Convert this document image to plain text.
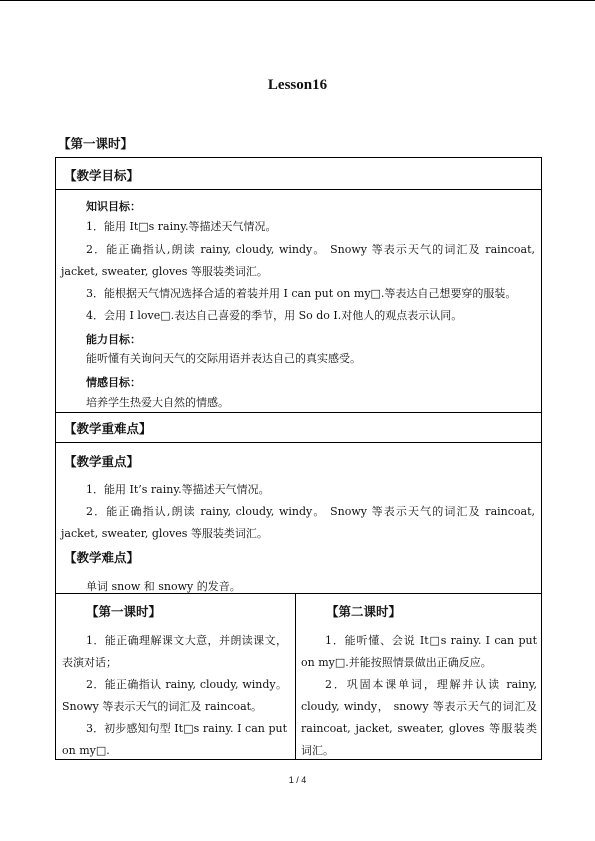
Lesson16
【第一课时】
【教学目标】
知识目标：
1．能用 It□s rainy.等描述天气情况。
2．能正确指认,朗读 rainy, cloudy, windy。 Snowy 等表示天气的词汇及 raincoat, jacket, sweater, gloves 等服装类词汇。
3．能根据天气情况选择合适的着装并用 I can put on my□.等表达自己想要穿的服装。
4．会用 I love□.表达自己喜爱的季节，用 So do I.对他人的观点表示认同。
能力目标：
能听懂有关询问天气的交际用语并表达自己的真实感受。
情感目标：
培养学生热爱大自然的情感。
【教学重难点】
【教学重点】
1．能用 It’s rainy.等描述天气情况。
2．能正确指认,朗读 rainy, cloudy, windy。 Snowy 等表示天气的词汇及 raincoat, jacket, sweater, gloves 等服装类词汇。
【教学难点】
单词 snow 和 snowy 的发音。
【第一课时】	【第二课时】

1．能正确理解课文大意，并朗读课文，表演对话；

2．能正确指认 rainy, cloudy, windy。Snowy 等表示天气的词汇及 raincoat。

3．初步感知句型 It□s rainy. I can put on my□.

1．能听懂、会说 It□s rainy. I can put on my□.并能按照情景做出正确反应。

2．巩固本课单词，理解并认读 rainy, cloudy, windy， snowy 等表示天气的词汇及 raincoat, jacket, sweater, gloves 等服装类词汇。

1 / 4
